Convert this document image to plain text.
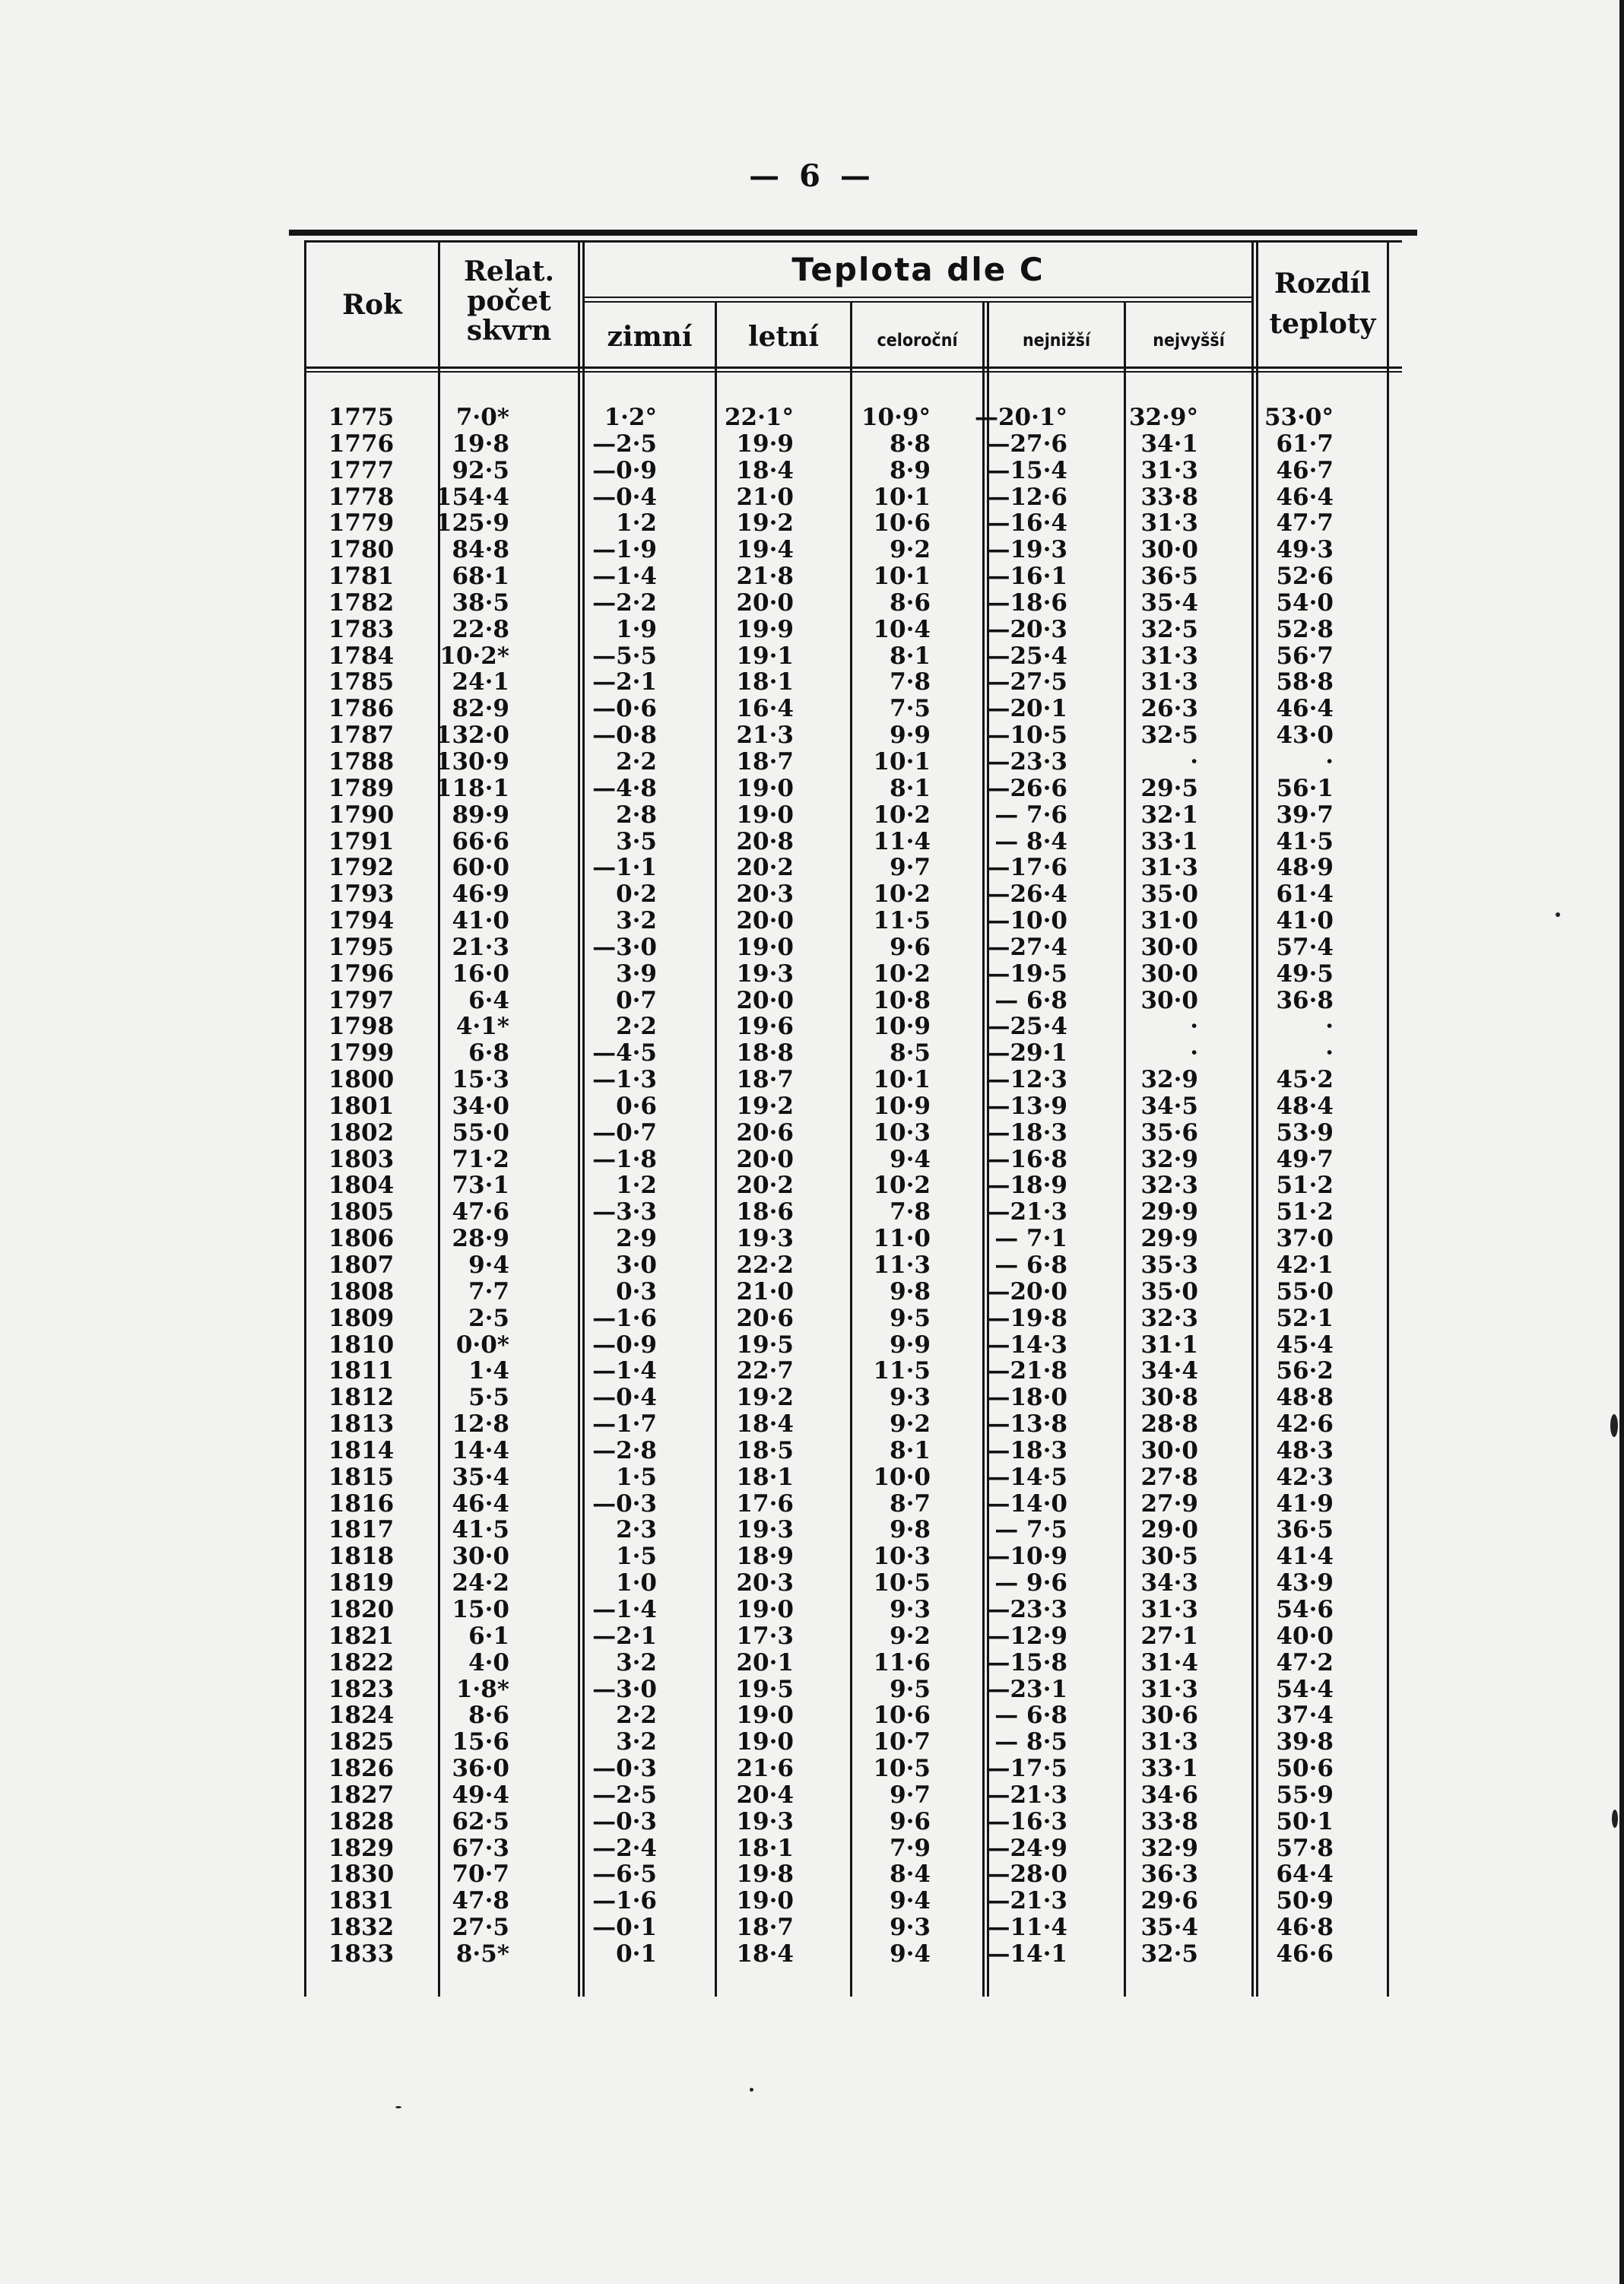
— 6 —
Rok
Relat.
počet
skvrn
Teplota dle C
zimní	letní	celoroční	nejnižší	nejvyšší
Rozdíl
teploty
1775	7·0*	1·2°	22·1°	10·9° —20·1°	32·9°	53·0°
1776	19·8	—2·5	19·9	8·8 —27·6	34·1	61·7
1777	92·5	—0·9	18·4	8·9 —15·4	31·3	46·7
1778	154·4	—0·4	21·0	10·1 —12·6	33·8	46·4
1779	125·9	1·2	19·2	10·6 —16·4	31·3	47·7
1780	84·8	—1·9	19·4	9·2 —19·3	30·0	49·3
1781	68·1	—1·4	21·8	10·1 —16·1	36·5	52·6
1782	38·5	—2·2	20·0	8·6 —18·6	35·4	54·0
1783	22·8	1·9	19·9	10·4 —20·3	32·5	52·8
1784	10·2*	—5·5	19·1	8·1 —25·4	31·3	56·7
1785	24·1	—2·1	18·1	7·8 —27·5	31·3	58·8
1786	82·9	—0·6	16·4	7·5 —20·1	26·3	46·4
1787	132·0	—0·8	21·3	9·9 —10·5	32·5	43·0
1788	130·9	2·2	18·7	10·1 —23·3	·	·
1789	118·1	—4·8	19·0	8·1 —26·6	29·5	56·1
1790	89·9	2·8	19·0	10·2	— 7·6	32·1	39·7
1791	66·6	3·5	20·8	11·4	— 8·4	33·1	41·5
1792	60·0	—1·1	20·2	9·7 —17·6	31·3	48·9
1793	46·9	0·2	20·3	10·2 —26·4	35·0	61·4
1794	41·0	3·2	20·0	11·5 —10·0	31·0	41·0
1795	21·3	—3·0	19·0	9·6 —27·4	30·0	57·4
1796	16·0	3·9	19·3	10·2 —19·5	30·0	49·5
1797	6·4	0·7	20·0	10·8	— 6·8	30·0	36·8
1798	4·1*	2·2	19·6	10·9 —25·4	·	·
1799	6·8	—4·5	18·8	8·5 —29·1	·	·
1800	15·3	—1·3	18·7	10·1 —12·3	32·9	45·2
1801	34·0	0·6	19·2	10·9 —13·9	34·5	48·4
1802	55·0	—0·7	20·6	10·3 —18·3	35·6	53·9
1803	71·2	—1·8	20·0	9·4 —16·8	32·9	49·7
1804	73·1	1·2	20·2	10·2 —18·9	32·3	51·2
1805	47·6	—3·3	18·6	7·8 —21·3	29·9	51·2
1806	28·9	2·9	19·3	11·0	— 7·1	29·9	37·0
1807	9·4	3·0	22·2	11·3	— 6·8	35·3	42·1
1808	7·7	0·3	21·0	9·8 —20·0	35·0	55·0
1809	2·5	—1·6	20·6	9·5 —19·8	32·3	52·1
1810	0·0*	—0·9	19·5	9·9 —14·3	31·1	45·4
1811	1·4	—1·4	22·7	11·5 —21·8	34·4	56·2
1812	5·5	—0·4	19·2	9·3 —18·0	30·8	48·8
1813	12·8	—1·7	18·4	9·2 —13·8	28·8	42·6
1814	14·4	—2·8	18·5	8·1 —18·3	30·0	48·3
1815	35·4	1·5	18·1	10·0 —14·5	27·8	42·3
1816	46·4	—0·3	17·6	8·7 —14·0	27·9	41·9
1817	41·5	2·3	19·3	9·8	— 7·5	29·0	36·5
1818	30·0	1·5	18·9	10·3 —10·9	30·5	41·4
1819	24·2	1·0	20·3	10·5	— 9·6	34·3	43·9
1820	15·0	—1·4	19·0	9·3 —23·3	31·3	54·6
1821	6·1	—2·1	17·3	9·2 —12·9	27·1	40·0
1822	4·0	3·2	20·1	11·6 —15·8	31·4	47·2
1823	1·8*	—3·0	19·5	9·5 —23·1	31·3	54·4
1824	8·6	2·2	19·0	10·6	— 6·8	30·6	37·4
1825	15·6	3·2	19·0	10·7	— 8·5	31·3	39·8
1826	36·0	—0·3	21·6	10·5 —17·5	33·1	50·6
1827	49·4	—2·5	20·4	9·7 —21·3	34·6	55·9
1828	62·5	—0·3	19·3	9·6 —16·3	33·8	50·1
1829	67·3	—2·4	18·1	7·9 —24·9	32·9	57·8
1830	70·7	—6·5	19·8	8·4 —28·0	36·3	64·4
1831	47·8	—1·6	19·0	9·4 —21·3	29·6	50·9
1832	27·5	—0·1	18·7	9·3 —11·4	35·4	46·8
1833	8·5*	0·1	18·4	9·4 —14·1	32·5	46·6
